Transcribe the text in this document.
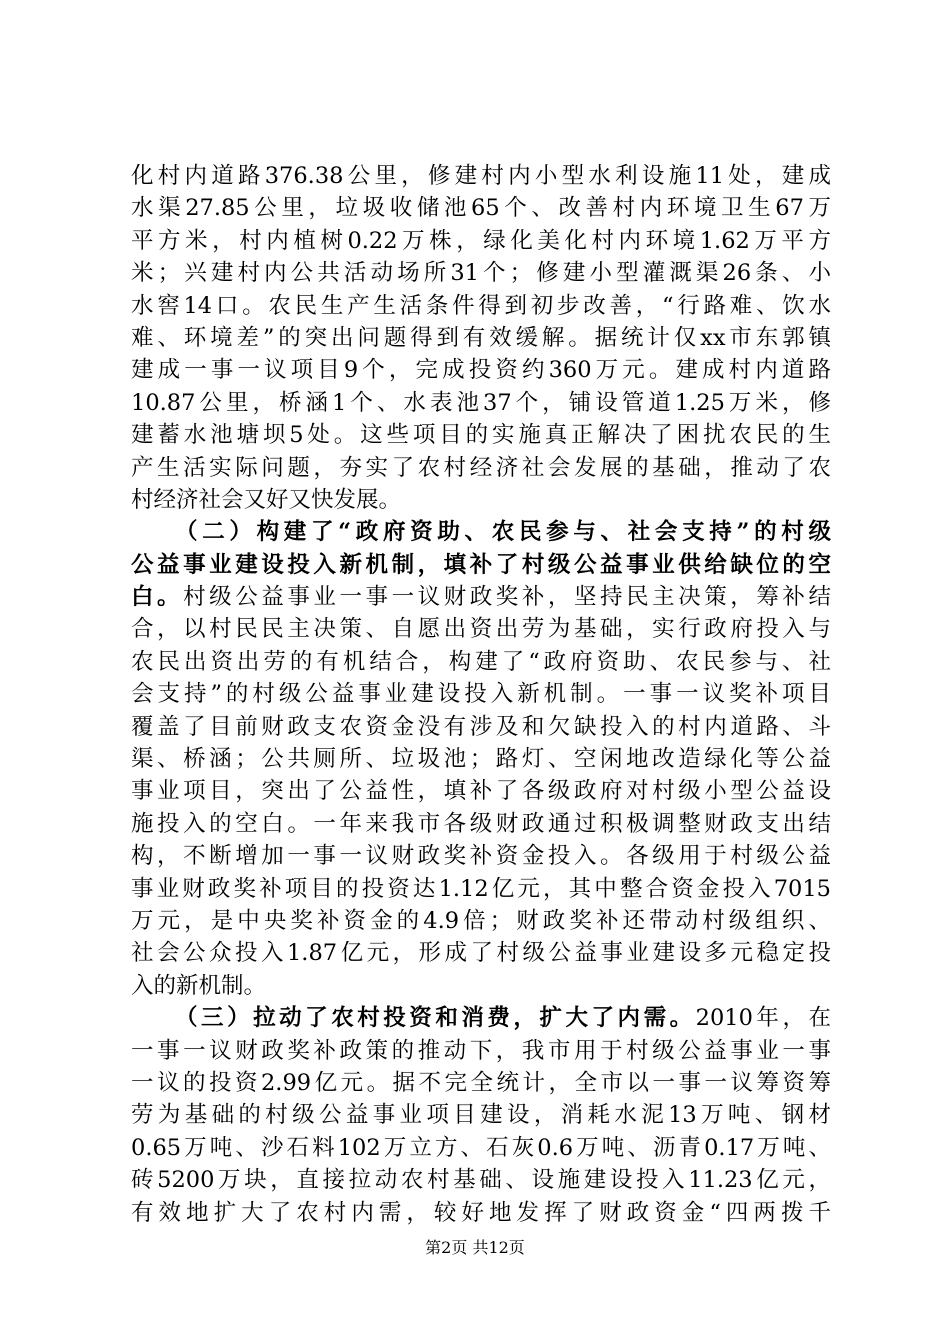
化村内道路376.38公里，修建村内小型水利设施11处，建成
水渠27.85公里，垃圾收储池65个、改善村内环境卫生67万
平方米，村内植树0.22万株，绿化美化村内环境1.62万平方
米；兴建村内公共活动场所31个；修建小型灌溉渠26条、小
水窖14口。农民生产生活条件得到初步改善，“行路难、饮水
难、环境差”的突出问题得到有效缓解。据统计仅xx市东郭镇
建成一事一议项目9个，完成投资约360万元。建成村内道路
10.87公里，桥涵1个、水表池37个，铺设管道1.25万米，修
建蓄水池塘坝5处。这些项目的实施真正解决了困扰农民的生
产生活实际问题，夯实了农村经济社会发展的基础，推动了农
村经济社会又好又快发展。
（二）构建了“政府资助、农民参与、社会支持”的村级
公益事业建设投入新机制，填补了村级公益事业供给缺位的空
白。村级公益事业一事一议财政奖补，坚持民主决策，筹补结
合，以村民民主决策、自愿出资出劳为基础，实行政府投入与
农民出资出劳的有机结合，构建了“政府资助、农民参与、社
会支持”的村级公益事业建设投入新机制。一事一议奖补项目
覆盖了目前财政支农资金没有涉及和欠缺投入的村内道路、斗
渠、桥涵；公共厕所、垃圾池；路灯、空闲地改造绿化等公益
事业项目，突出了公益性，填补了各级政府对村级小型公益设
施投入的空白。一年来我市各级财政通过积极调整财政支出结
构，不断增加一事一议财政奖补资金投入。各级用于村级公益
事业财政奖补项目的投资达1.12亿元，其中整合资金投入7015
万元，是中央奖补资金的4.9倍；财政奖补还带动村级组织、
社会公众投入1.87亿元，形成了村级公益事业建设多元稳定投
入的新机制。
（三）拉动了农村投资和消费，扩大了内需。2010年，在
一事一议财政奖补政策的推动下，我市用于村级公益事业一事
一议的投资2.99亿元。据不完全统计，全市以一事一议筹资筹
劳为基础的村级公益事业项目建设，消耗水泥13万吨、钢材
0.65万吨、沙石料102万立方、石灰0.6万吨、沥青0.17万吨、
砖5200万块，直接拉动农村基础、设施建设投入11.23亿元，
有效地扩大了农村内需，较好地发挥了财政资金“四两拨千
第2页 共12页
